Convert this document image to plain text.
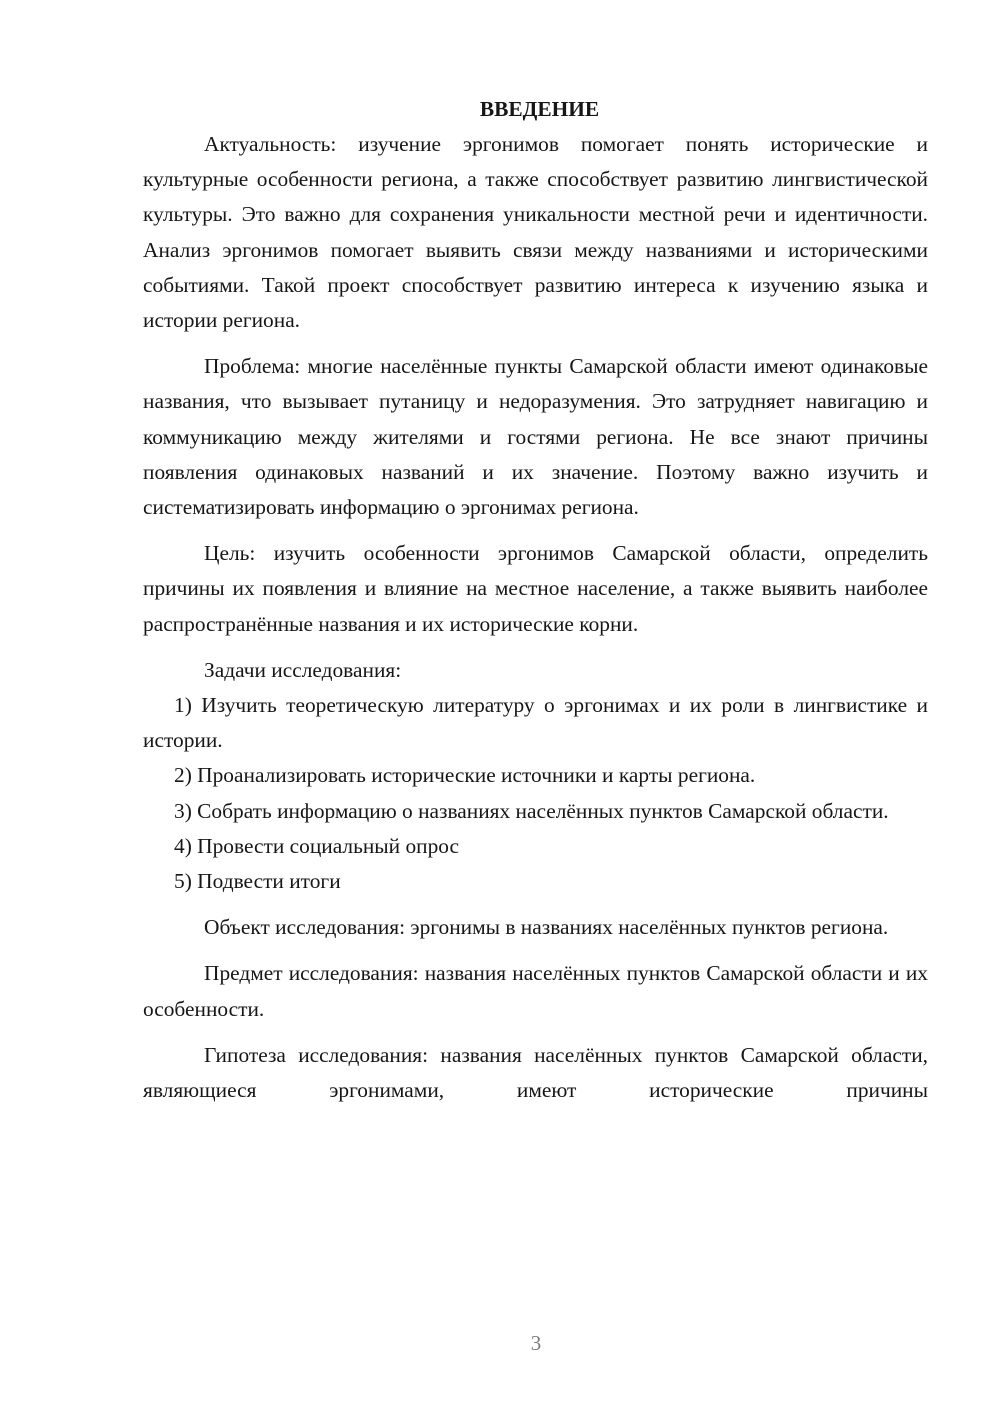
ВВЕДЕНИЕ

Актуальность: изучение эргонимов помогает понять исторические и культурные особенности региона, а также способствует развитию лингвистической культуры. Это важно для сохранения уникальности местной речи и идентичности. Анализ эргонимов помогает выявить связи между названиями и историческими событиями. Такой проект способствует развитию интереса к изучению языка и истории региона.

Проблема: многие населённые пункты Самарской области имеют одинаковые названия, что вызывает путаницу и недоразумения. Это затрудняет навигацию и коммуникацию между жителями и гостями региона. Не все знают причины появления одинаковых названий и их значение. Поэтому важно изучить и систематизировать информацию о эргонимах региона.

Цель: изучить особенности эргонимов Самарской области, определить причины их появления и влияние на местное население, а также выявить наиболее распространённые названия и их исторические корни.

Задачи исследования:

1) Изучить теоретическую литературу о эргонимах и их роли в лингвистике и истории.

2) Проанализировать исторические источники и карты региона.

3) Собрать информацию о названиях населённых пунктов Самарской области.

4) Провести социальный опрос

5) Подвести итоги

Объект исследования: эргонимы в названиях населённых пунктов региона.

Предмет исследования: названия населённых пунктов Самарской области и их особенности.

Гипотеза исследования: названия населённых пунктов Самарской области, являющиеся эргонимами, имеют исторические причины

3
